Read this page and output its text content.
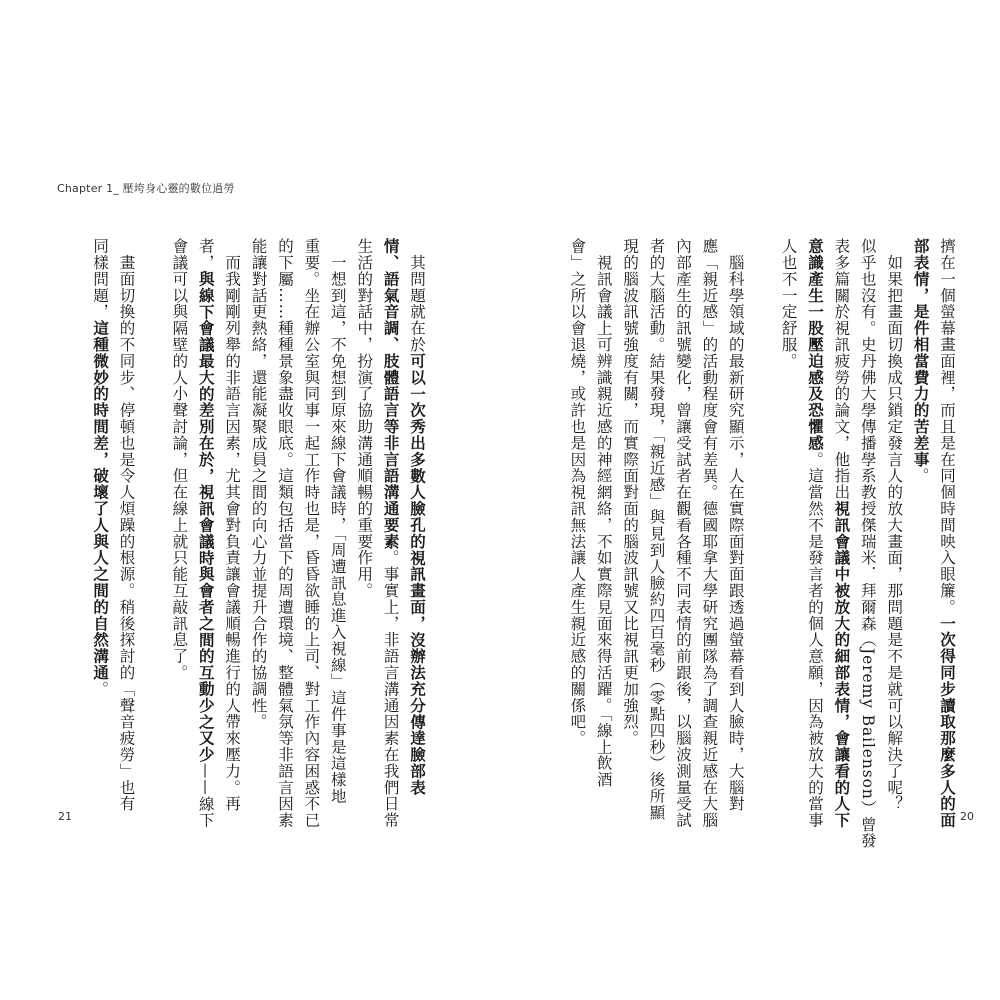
Chapter 1_ 壓垮身心靈的數位過勞
　其問題就在於可以一次秀出多數人臉孔的視訊畫面，沒辦法充分傳達臉部表
情、語氣音調、肢體語言等非言語溝通要素。事實上，非語言溝通因素在我們日常
生活的對話中，扮演了協助溝通順暢的重要作用。
　一想到這，不免想到原來線下會議時，「周遭訊息進入視線」這件事是這樣地
重要。坐在辦公室與同事一起工作時也是，昏昏欲睡的上司、對工作內容困惑不已
的下屬……種種景象盡收眼底。這類包括當下的周遭環境、整體氣氛等非語言因素
能讓對話更熱絡，還能凝聚成員之間的向心力並提升合作的協調性。
　而我剛剛列舉的非語言因素，尤其會對負責讓會議順暢進行的人帶來壓力。再
者，與線下會議最大的差別在於，視訊會議時與會者之間的互動少之又少——線下
會議可以與隔壁的人小聲討論，但在線上就只能互敲訊息了。

　畫面切換的不同步、停頓也是令人煩躁的根源。稍後探討的「聲音疲勞」也有
同樣問題，這種微妙的時間差，破壞了人與人之間的自然溝通。
21
擠在一個螢幕畫面裡，而且是在同個時間映入眼簾。一次得同步讀取那麼多人的面
部表情，是件相當費力的苦差事。
　如果把畫面切換成只鎖定發言人的放大畫面，那問題是不是就可以解決了呢？
似乎也沒有。史丹佛大學傳播學系教授傑瑞米．拜爾森（Jeremy Bailenson）曾發
表多篇關於視訊疲勞的論文，他指出視訊會議中被放大的細部表情，會讓看的人下
意識產生一股壓迫感及恐懼感。這當然不是發言者的個人意願，因為被放大的當事
人也不一定舒服。

　腦科學領域的最新研究顯示，人在實際面對面跟透過螢幕看到人臉時，大腦對
應「親近感」的活動程度會有差異。德國耶拿大學研究團隊為了調查親近感在大腦
內部產生的訊號變化，曾讓受試者在觀看各種不同表情的前跟後，以腦波測量受試
者的大腦活動。結果發現，「親近感」與見到人臉約四百毫秒（零點四秒）後所顯
現的腦波訊號強度有關，而實際面對面的腦波訊號又比視訊更加強烈。
　視訊會議上可辨識親近感的神經網絡，不如實際見面來得活躍。「線上飲酒
會」之所以會退燒，或許也是因為視訊無法讓人產生親近感的關係吧。
20
